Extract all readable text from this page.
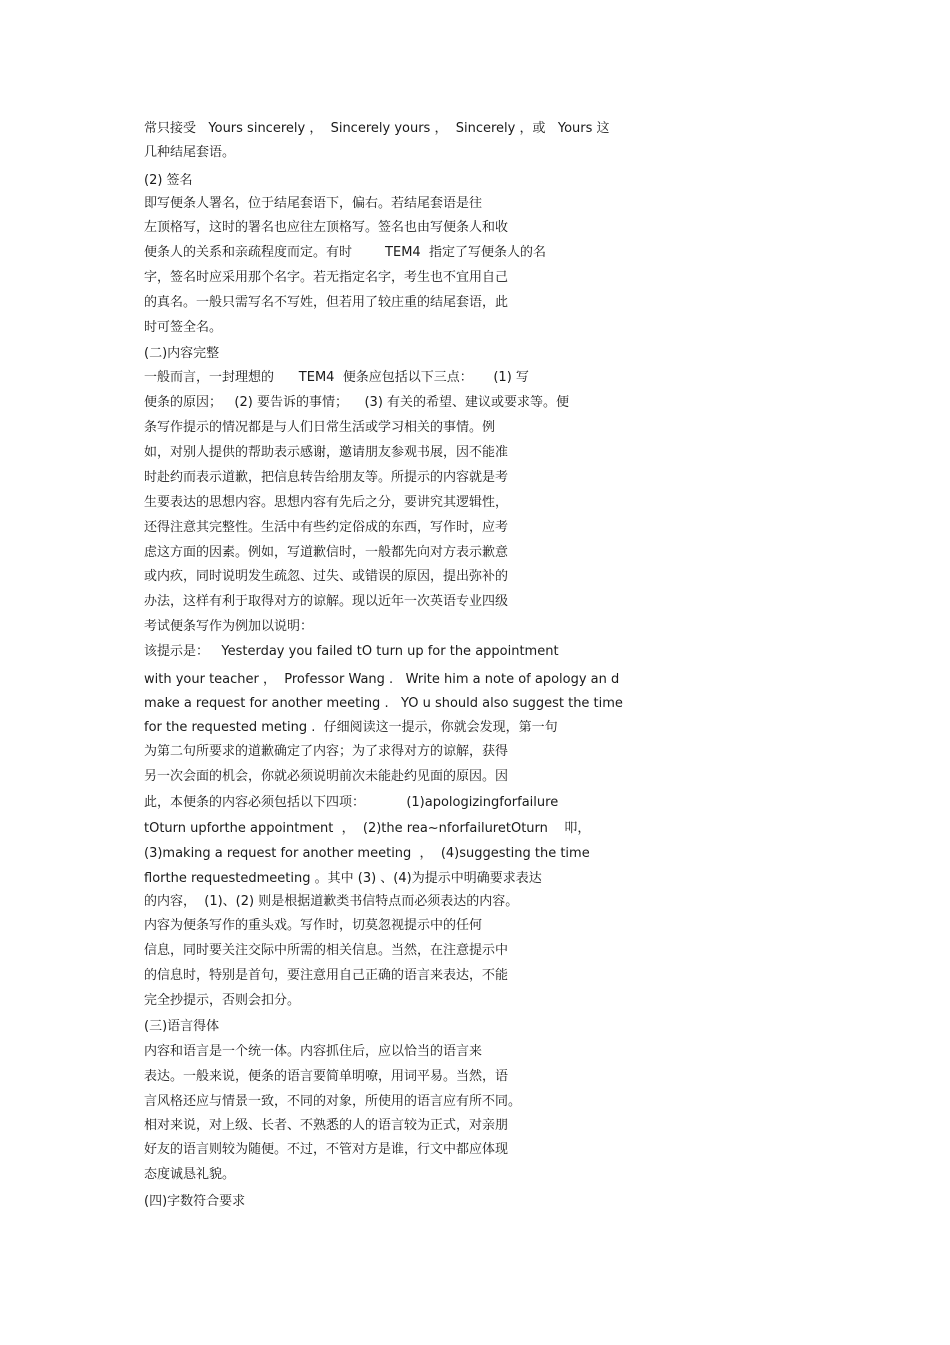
常只接受   Yours sincerely ，  Sincerely yours ，  Sincerely ，或   Yours 这
几种结尾套语。
(2) 签名
即写便条人署名，位于结尾套语下，偏右。若结尾套语是往
左顶格写，这时的署名也应往左顶格写。签名也由写便条人和收
便条人的关系和亲疏程度而定。有时        TEM4  指定了写便条人的名
字，签名时应采用那个名字。若无指定名字，考生也不宜用自己
的真名。一般只需写名不写姓，但若用了较庄重的结尾套语，此
时可签全名。
(二)内容完整
一般而言，一封理想的      TEM4  便条应包括以下三点：     (1) 写
便条的原因；   (2) 要告诉的事情；    (3) 有关的希望、建议或要求等。便
条写作提示的情况都是与人们日常生活或学习相关的事情。例
如，对别人提供的帮助表示感谢，邀请朋友参观书展，因不能准
时赴约而表示道歉，把信息转告给朋友等。所提示的内容就是考
生要表达的思想内容。思想内容有先后之分，要讲究其逻辑性，
还得注意其完整性。生活中有些约定俗成的东西，写作时，应考
虑这方面的因素。例如，写道歉信时，一般都先向对方表示歉意
或内疚，同时说明发生疏忽、过失、或错误的原因，提出弥补的
办法，这样有利于取得对方的谅解。现以近年一次英语专业四级
考试便条写作为例加以说明：
该提示是：   Yesterday you failed tO turn up for the appointment
with your teacher ，  Professor Wang .   Write him a note of apology an d
make a request for another meeting .   YO u should also suggest the time
for the requested meting .  仔细阅读这一提示，你就会发现，第一句
为第二句所要求的道歉确定了内容；为了求得对方的谅解，获得
另一次会面的机会，你就必须说明前次未能赴约见面的原因。因
此，本便条的内容必须包括以下四项：          (1)apologizingforfailure
tOturn upforthe appointment  ，  (2)the rea~nforfailuretOturn    叩，
(3)making a request for another meeting  ，  (4)suggesting the time
florthe requestedmeeting 。其中 (3) 、(4)为提示中明确要求表达
的内容，  (1)、(2) 则是根据道歉类书信特点而必须表达的内容。
内容为便条写作的重头戏。写作时，切莫忽视提示中的任何
信息，同时要关注交际中所需的相关信息。当然，在注意提示中
的信息时，特别是首句，要注意用自己正确的语言来表达，不能
完全抄提示，否则会扣分。
(三)语言得体
内容和语言是一个统一体。内容抓住后，应以恰当的语言来
表达。一般来说，便条的语言要简单明嘹，用词平易。当然，语
言风格还应与情景一致，不同的对象，所使用的语言应有所不同。
相对来说，对上级、长者、不熟悉的人的语言较为正式，对亲朋
好友的语言则较为随便。不过，不管对方是谁，行文中都应体现
态度诚恳礼貌。
(四)字数符合要求
